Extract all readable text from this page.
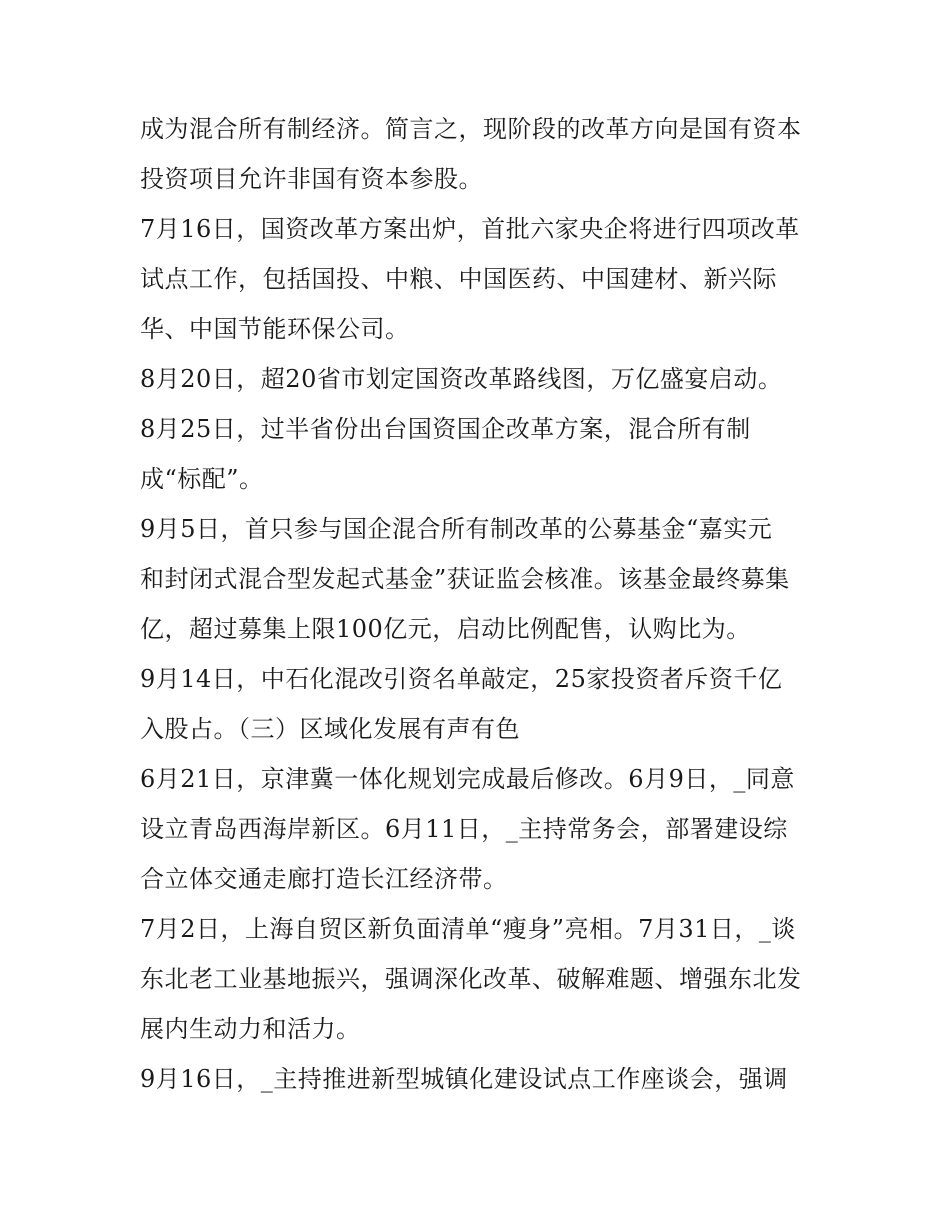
成为混合所有制经济。简言之，现阶段的改革方向是国有资本
投资项目允许非国有资本参股。
7月16日，国资改革方案出炉，首批六家央企将进行四项改革
试点工作，包括国投、中粮、中国医药、中国建材、新兴际
华、中国节能环保公司。
8月20日，超20省市划定国资改革路线图，万亿盛宴启动。
8月25日，过半省份出台国资国企改革方案，混合所有制
成“标配”。
9月5日，首只参与国企混合所有制改革的公募基金“嘉实元
和封闭式混合型发起式基金”获证监会核准。该基金最终募集
亿，超过募集上限100亿元，启动比例配售，认购比为。
9月14日，中石化混改引资名单敲定，25家投资者斥资千亿
入股占。（三）区域化发展有声有色
6月21日，京津冀一体化规划完成最后修改。6月9日，_同意
设立青岛西海岸新区。6月11日，_主持常务会，部署建设综
合立体交通走廊打造长江经济带。
7月2日，上海自贸区新负面清单“瘦身”亮相。7月31日，_谈
东北老工业基地振兴，强调深化改革、破解难题、增强东北发
展内生动力和活力。
9月16日，_主持推进新型城镇化建设试点工作座谈会，强调
